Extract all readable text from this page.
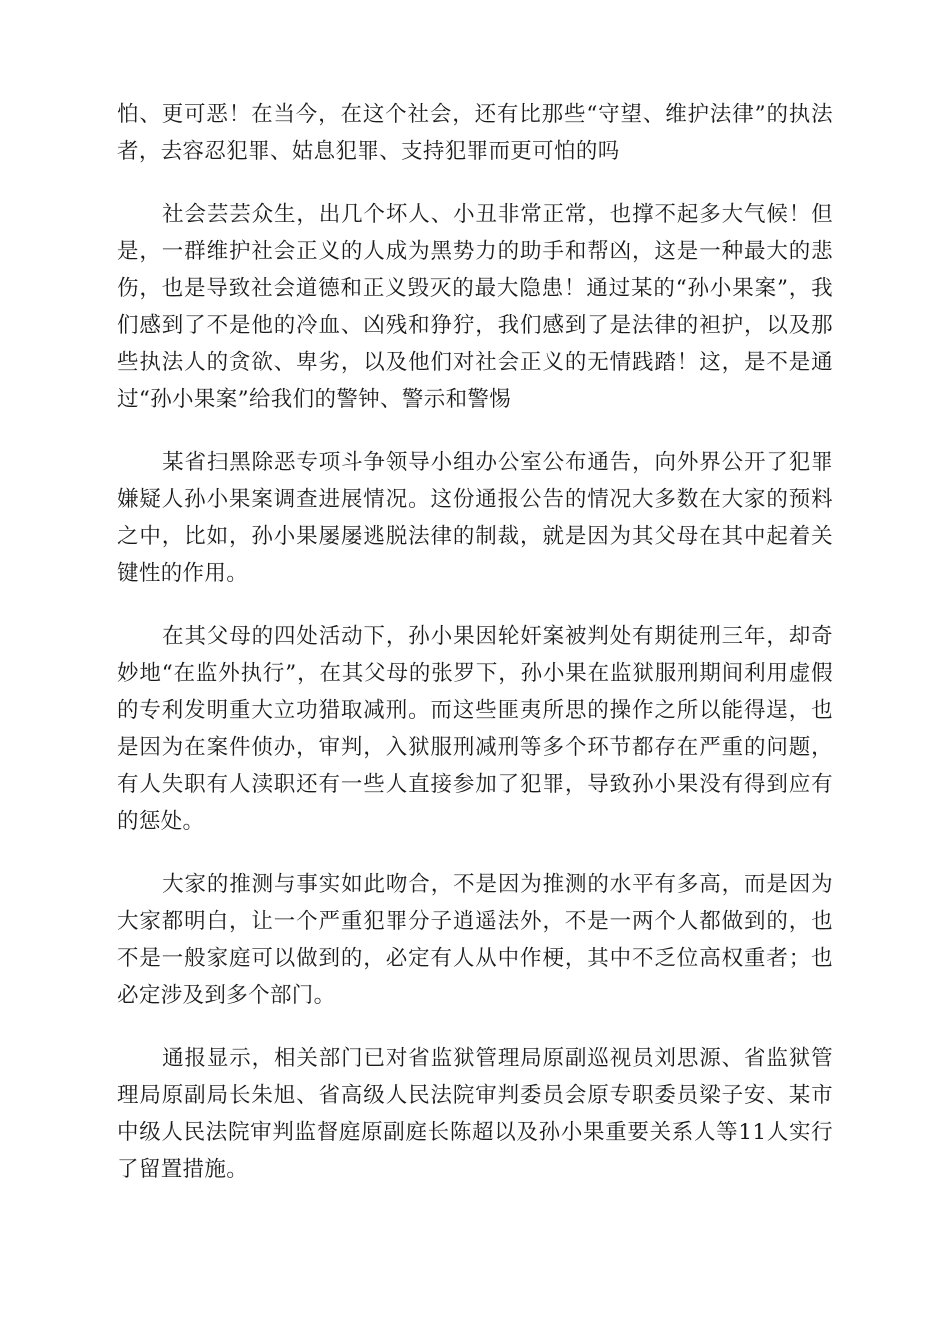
怕、更可恶！在当今，在这个社会，还有比那些“守望、维护法律”的执法者，去容忍犯罪、姑息犯罪、支持犯罪而更可怕的吗

社会芸芸众生，出几个坏人、小丑非常正常，也撑不起多大气候！但是，一群维护社会正义的人成为黑势力的助手和帮凶，这是一种最大的悲伤，也是导致社会道德和正义毁灭的最大隐患！通过某的“孙小果案”，我们感到了不是他的冷血、凶残和狰狞，我们感到了是法律的袒护，以及那些执法人的贪欲、卑劣，以及他们对社会正义的无情践踏！这，是不是通过“孙小果案”给我们的警钟、警示和警惕

某省扫黑除恶专项斗争领导小组办公室公布通告，向外界公开了犯罪嫌疑人孙小果案调查进展情况。这份通报公告的情况大多数在大家的预料之中，比如，孙小果屡屡逃脱法律的制裁，就是因为其父母在其中起着关键性的作用。

在其父母的四处活动下，孙小果因轮奸案被判处有期徒刑三年，却奇妙地“在监外执行”，在其父母的张罗下，孙小果在监狱服刑期间利用虚假的专利发明重大立功猎取减刑。而这些匪夷所思的操作之所以能得逞，也是因为在案件侦办，审判，入狱服刑减刑等多个环节都存在严重的问题，有人失职有人渎职还有一些人直接参加了犯罪，导致孙小果没有得到应有的惩处。

大家的推测与事实如此吻合，不是因为推测的水平有多高，而是因为大家都明白，让一个严重犯罪分子逍遥法外，不是一两个人都做到的，也不是一般家庭可以做到的，必定有人从中作梗，其中不乏位高权重者；也必定涉及到多个部门。

通报显示，相关部门已对省监狱管理局原副巡视员刘思源、省监狱管理局原副局长朱旭、省高级人民法院审判委员会原专职委员梁子安、某市中级人民法院审判监督庭原副庭长陈超以及孙小果重要关系人等11人实行了留置措施。
